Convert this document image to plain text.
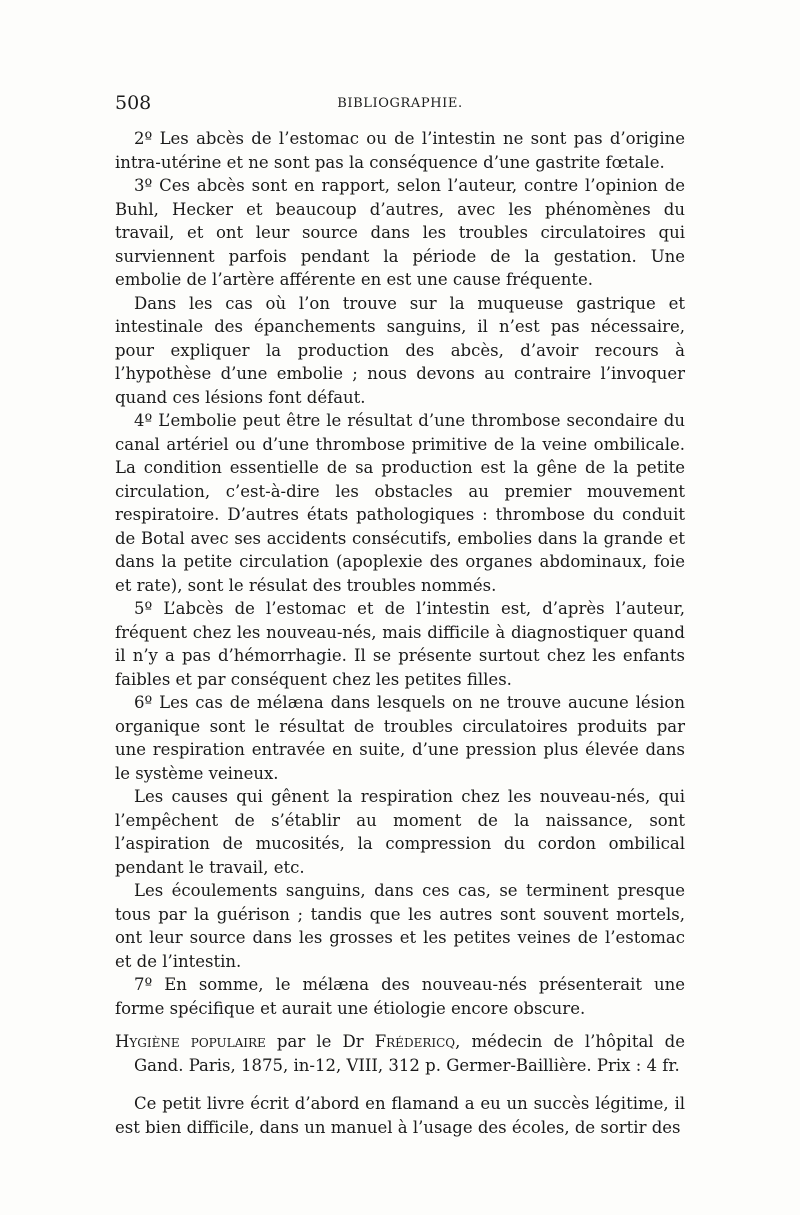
508	BIBLIOGRAPHIE.

2º Les abcès de l’estomac ou de l’intestin ne sont pas d’origine intra-utérine et ne sont pas la conséquence d’une gastrite fœtale.

3º Ces abcès sont en rapport, selon l’auteur, contre l’opinion de Buhl, Hecker et beaucoup d’autres, avec les phénomènes du travail, et ont leur source dans les troubles circulatoires qui surviennent parfois pendant la période de la gestation. Une embolie de l’artère afférente en est une cause fréquente.

Dans les cas où l’on trouve sur la muqueuse gastrique et intestinale des épanchements sanguins, il n’est pas nécessaire, pour expliquer la production des abcès, d’avoir recours à l’hypothèse d’une embolie ; nous devons au contraire l’invoquer quand ces lésions font défaut.

4º L’embolie peut être le résultat d’une thrombose secondaire du canal artériel ou d’une thrombose primitive de la veine ombilicale. La condition essentielle de sa production est la gêne de la petite circulation, c’est-à-dire les obstacles au premier mouvement respiratoire. D’autres états pathologiques : thrombose du conduit de Botal avec ses accidents consécutifs, embolies dans la grande et dans la petite circulation (apoplexie des organes abdominaux, foie et rate), sont le résulat des troubles nommés.

5º L’abcès de l’estomac et de l’intestin est, d’après l’auteur, fréquent chez les nouveau-nés, mais difficile à diagnostiquer quand il n’y a pas d’hémorrhagie. Il se présente surtout chez les enfants faibles et par conséquent chez les petites filles.

6º Les cas de mélæna dans lesquels on ne trouve aucune lésion organique sont le résultat de troubles circulatoires produits par une respiration entravée en suite, d’une pression plus élevée dans le système veineux.

Les causes qui gênent la respiration chez les nouveau-nés, qui l’empêchent de s’établir au moment de la naissance, sont l’aspiration de mucosités, la compression du cordon ombilical pendant le travail, etc.

Les écoulements sanguins, dans ces cas, se terminent presque tous par la guérison ; tandis que les autres sont souvent mortels, ont leur source dans les grosses et les petites veines de l’estomac et de l’intestin.

7º En somme, le mélæna des nouveau-nés présenterait une forme spécifique et aurait une étiologie encore obscure.

Hygiène populaire par le Dr Frédericq, médecin de l’hôpital de Gand. Paris, 1875, in-12, VIII, 312 p. Germer-Baillière. Prix : 4 fr.

Ce petit livre écrit d’abord en flamand a eu un succès légitime, il est bien difficile, dans un manuel à l’usage des écoles, de sortir des
